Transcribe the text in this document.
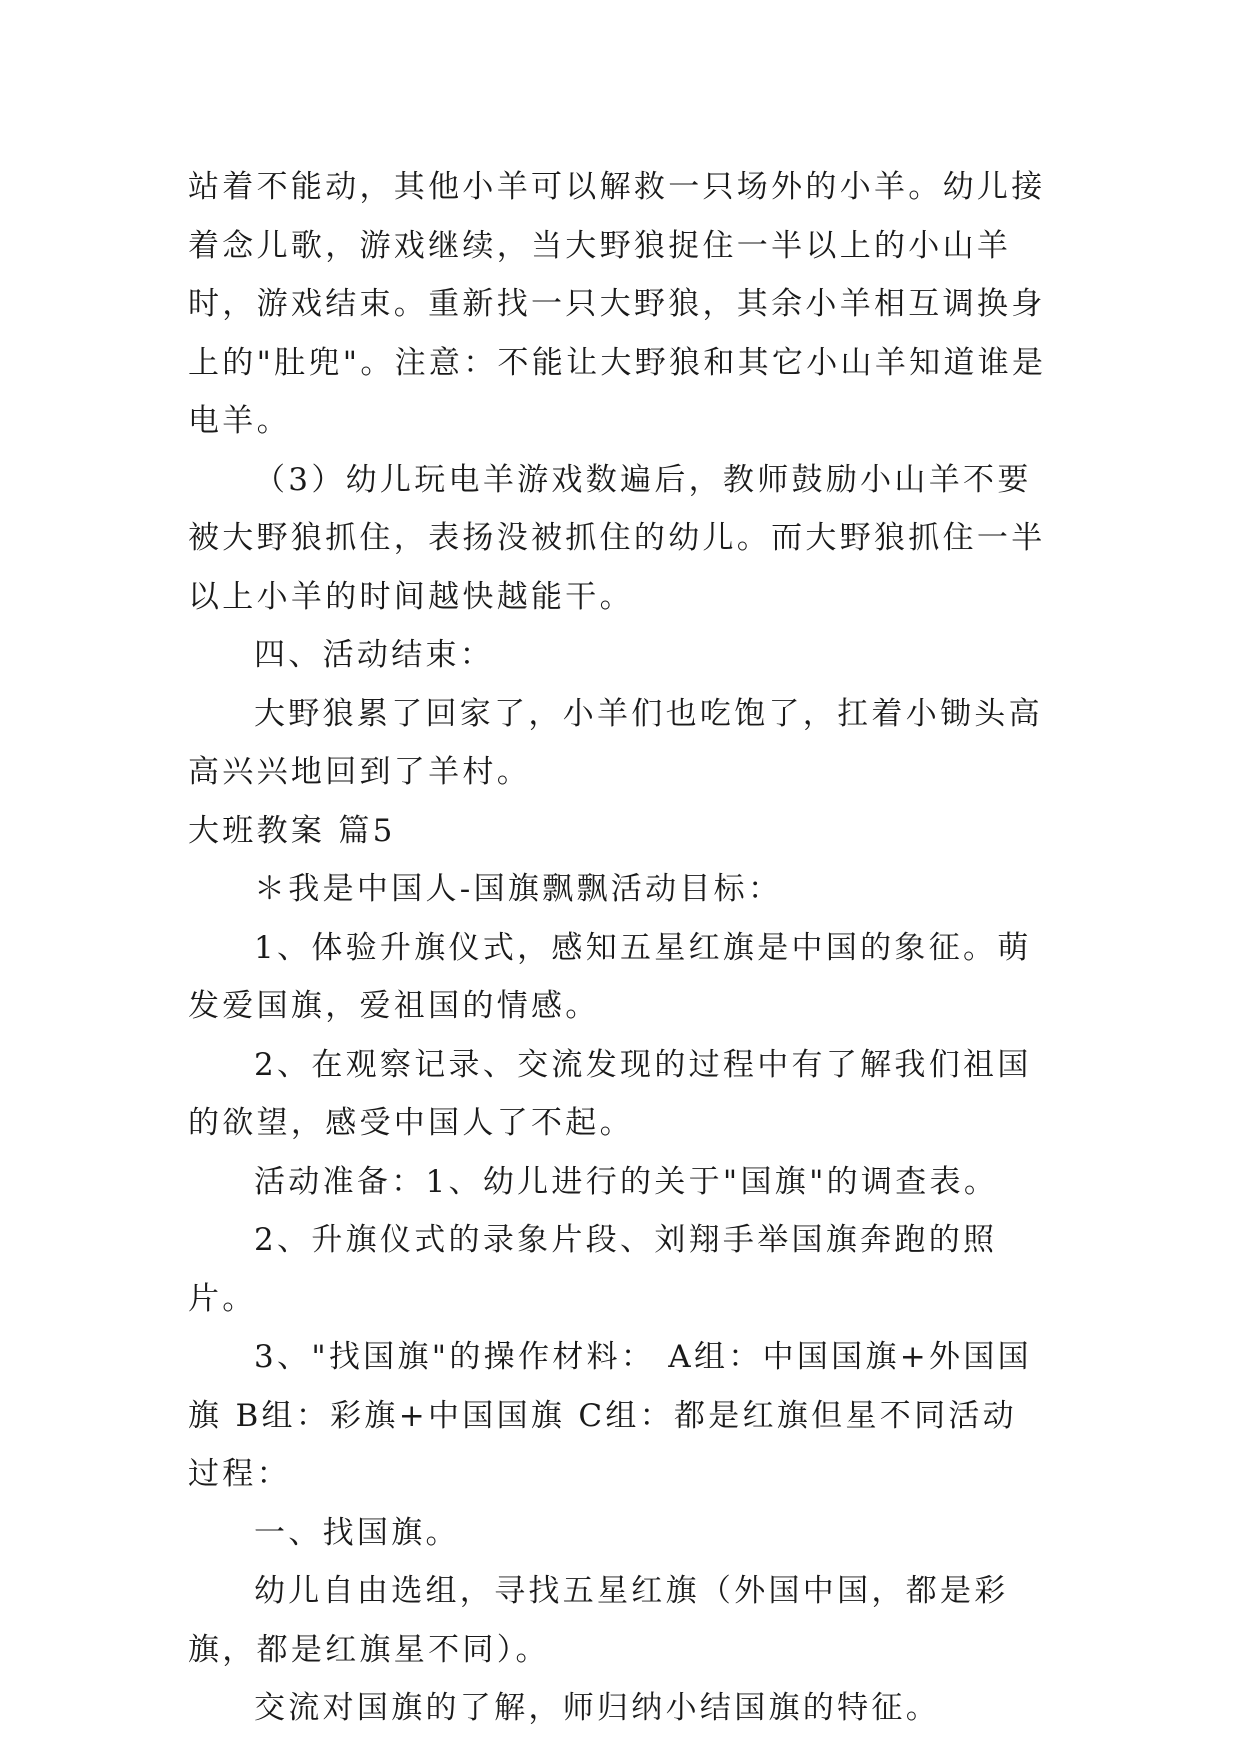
站着不能动，其他小羊可以解救一只场外的小羊。幼儿接着念儿歌，游戏继续，当大野狼捉住一半以上的小山羊时，游戏结束。重新找一只大野狼，其余小羊相互调换身上的"肚兜"。注意：不能让大野狼和其它小山羊知道谁是电羊。

（3）幼儿玩电羊游戏数遍后，教师鼓励小山羊不要被大野狼抓住，表扬没被抓住的幼儿。而大野狼抓住一半以上小羊的时间越快越能干。

四、活动结束：

大野狼累了回家了，小羊们也吃饱了，扛着小锄头高高兴兴地回到了羊村。

大班教案 篇5

＊我是中国人-国旗飘飘活动目标：

1、体验升旗仪式，感知五星红旗是中国的象征。萌发爱国旗，爱祖国的情感。

2、在观察记录、交流发现的过程中有了解我们祖国的欲望，感受中国人了不起。

活动准备：1、幼儿进行的关于"国旗"的调查表。

2、升旗仪式的录象片段、刘翔手举国旗奔跑的照片。

3、"找国旗"的操作材料： A组：中国国旗+外国国旗 B组：彩旗+中国国旗 C组：都是红旗但星不同活动过程：

一、找国旗。

幼儿自由选组，寻找五星红旗（外国中国，都是彩旗，都是红旗星不同）。

交流对国旗的了解，师归纳小结国旗的特征。
